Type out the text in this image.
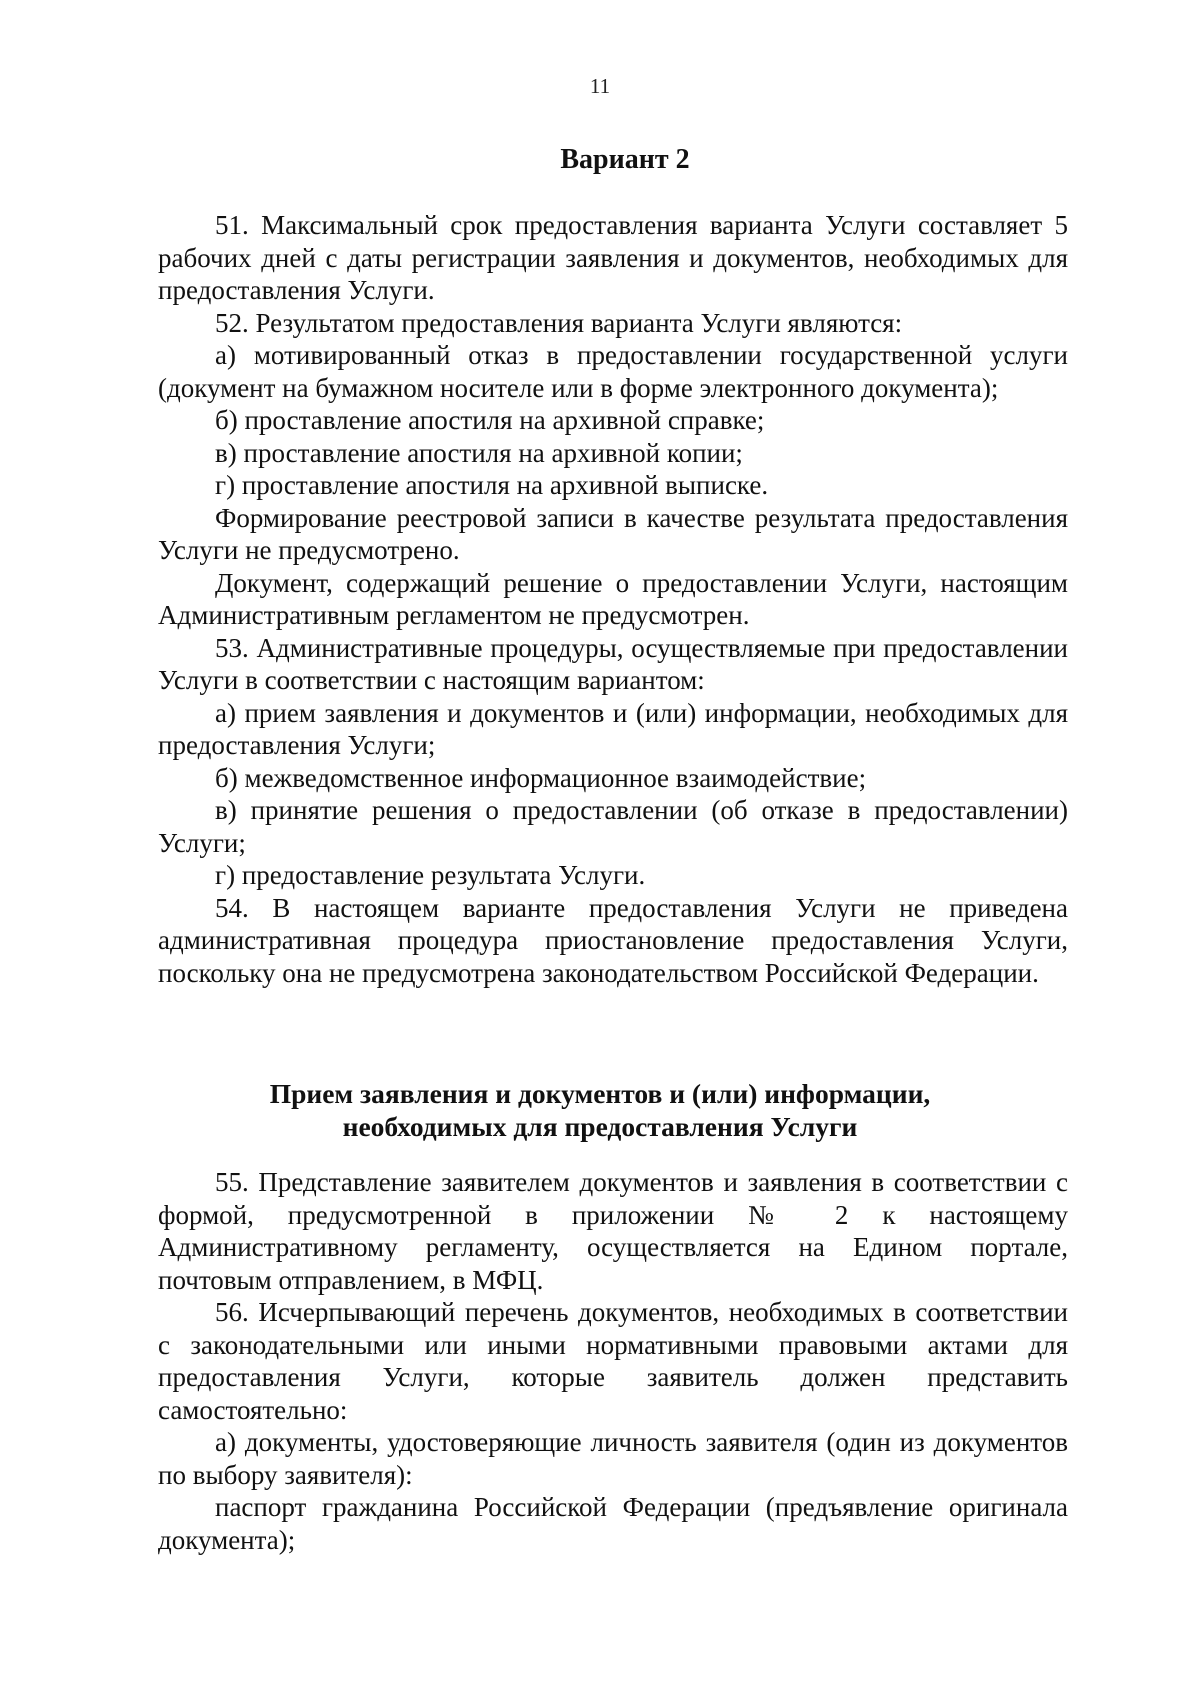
11
Вариант 2

51. Максимальный срок предоставления варианта Услуги составляет 5 рабочих дней с даты регистрации заявления и документов, необходимых для предоставления Услуги.

52. Результатом предоставления варианта Услуги являются:

а) мотивированный отказ в предоставлении государственной услуги (документ на бумажном носителе или в форме электронного документа);

б) проставление апостиля на архивной справке;

в) проставление апостиля на архивной копии;

г) проставление апостиля на архивной выписке.

Формирование реестровой записи в качестве результата предоставления Услуги не предусмотрено.

Документ, содержащий решение о предоставлении Услуги, настоящим Административным регламентом не предусмотрен.

53. Административные процедуры, осуществляемые при предоставлении Услуги в соответствии с настоящим вариантом:

а) прием заявления и документов и (или) информации, необходимых для предоставления Услуги;

б) межведомственное информационное взаимодействие;

в) принятие решения о предоставлении (об отказе в предоставлении) Услуги;

г) предоставление результата Услуги.

54. В настоящем варианте предоставления Услуги не приведена административная процедура приостановление предоставления Услуги, поскольку она не предусмотрена законодательством Российской Федерации.

Прием заявления и документов и (или) информации,
необходимых для предоставления Услуги

55. Представление заявителем документов и заявления в соответствии с формой, предусмотренной в приложении № 2 к настоящему Административному регламенту, осуществляется на Едином портале, почтовым отправлением, в МФЦ.

56. Исчерпывающий перечень документов, необходимых в соответствии с законодательными или иными нормативными правовыми актами для предоставления Услуги, которые заявитель должен представить самостоятельно:

а) документы, удостоверяющие личность заявителя (один из документов по выбору заявителя):

паспорт гражданина Российской Федерации (предъявление оригинала документа);
